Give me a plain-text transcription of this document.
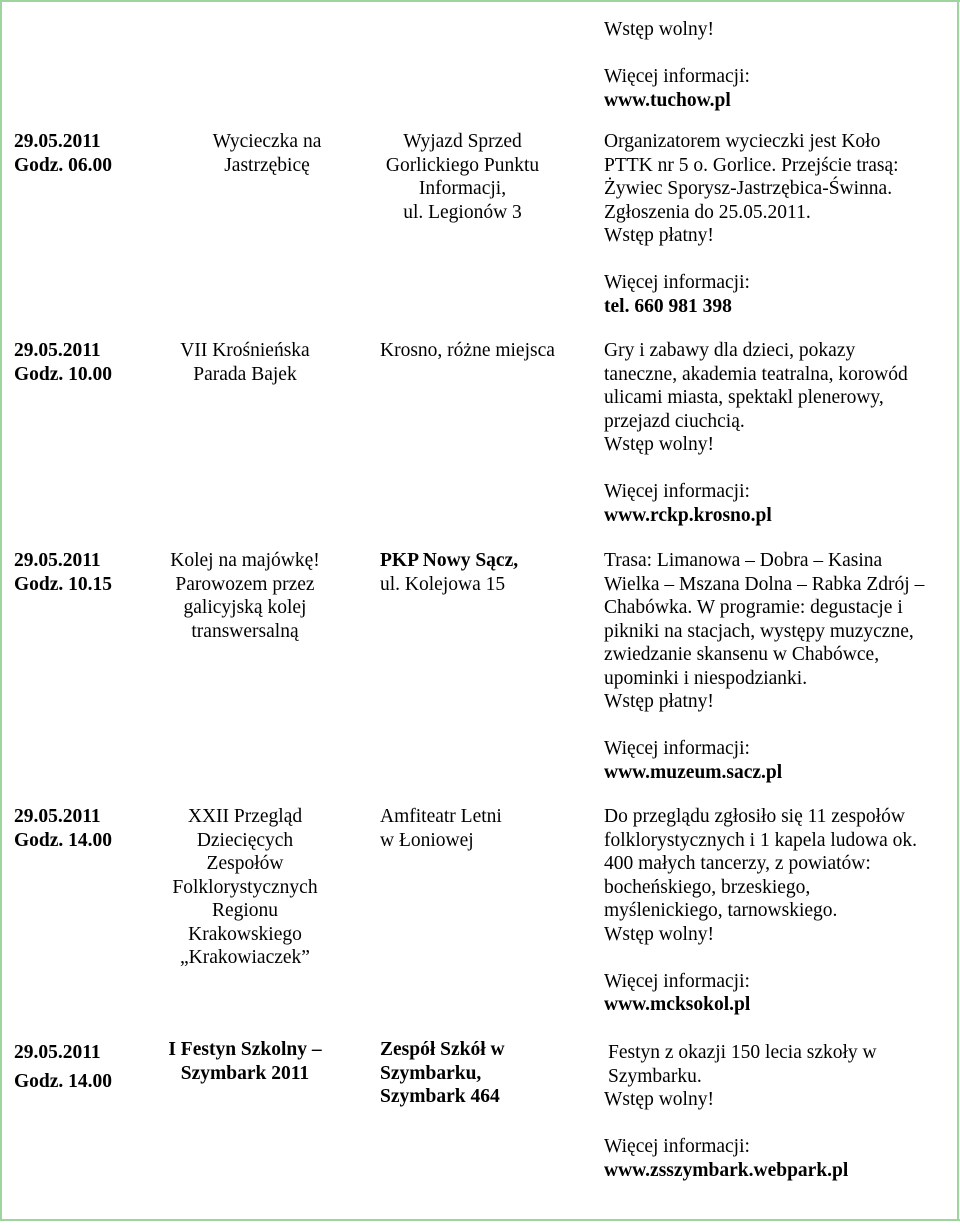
Wstęp wolny!
Więcej informacji:
www.tuchow.pl
29.05.2011
Godz. 06.00
Wycieczka na
Jastrzębicę
Wyjazd Sprzed
Gorlickiego Punktu
Informacji,
ul. Legionów 3
Organizatorem wycieczki jest Koło
PTTK nr 5 o. Gorlice. Przejście trasą:
Żywiec Sporysz-Jastrzębica-Świnna.
Zgłoszenia do 25.05.2011.
Wstęp płatny!
Więcej informacji:
tel. 660 981 398
29.05.2011
Godz. 10.00
VII Krośnieńska
Parada Bajek
Krosno, różne miejsca	Gry i zabawy dla dzieci, pokazy
taneczne, akademia teatralna, korowód
ulicami miasta, spektakl plenerowy,
przejazd ciuchcią.
Wstęp wolny!
Więcej informacji:
www.rckp.krosno.pl
29.05.2011
Godz. 10.15
Kolej na majówkę!
Parowozem przez
galicyjską kolej
transwersalną
PKP Nowy Sącz,
ul. Kolejowa 15
Trasa: Limanowa – Dobra – Kasina
Wielka – Mszana Dolna – Rabka Zdrój –
Chabówka. W programie: degustacje i
pikniki na stacjach, występy muzyczne,
zwiedzanie skansenu w Chabówce,
upominki i niespodzianki.
Wstęp płatny!
Więcej informacji:
www.muzeum.sacz.pl
29.05.2011
Godz. 14.00
XXII Przegląd
Dziecięcych
Zespołów
Folklorystycznych
Regionu
Krakowskiego
„Krakowiaczek”
Amfiteatr Letni
w Łoniowej
Do przeglądu zgłosiło się 11 zespołów
folklorystycznych i 1 kapela ludowa ok.
400 małych tancerzy, z powiatów:
bocheńskiego, brzeskiego,
myślenickiego, tarnowskiego.
Wstęp wolny!
Więcej informacji:
www.mcksokol.pl
29.05.2011
Godz. 14.00
I Festyn Szkolny –
Szymbark 2011
Zespół Szkół w
Szymbarku,
Szymbark 464
Festyn z okazji 150 lecia szkoły w
Szymbarku.
Wstęp wolny!
Więcej informacji:
www.zsszymbark.webpark.pl
